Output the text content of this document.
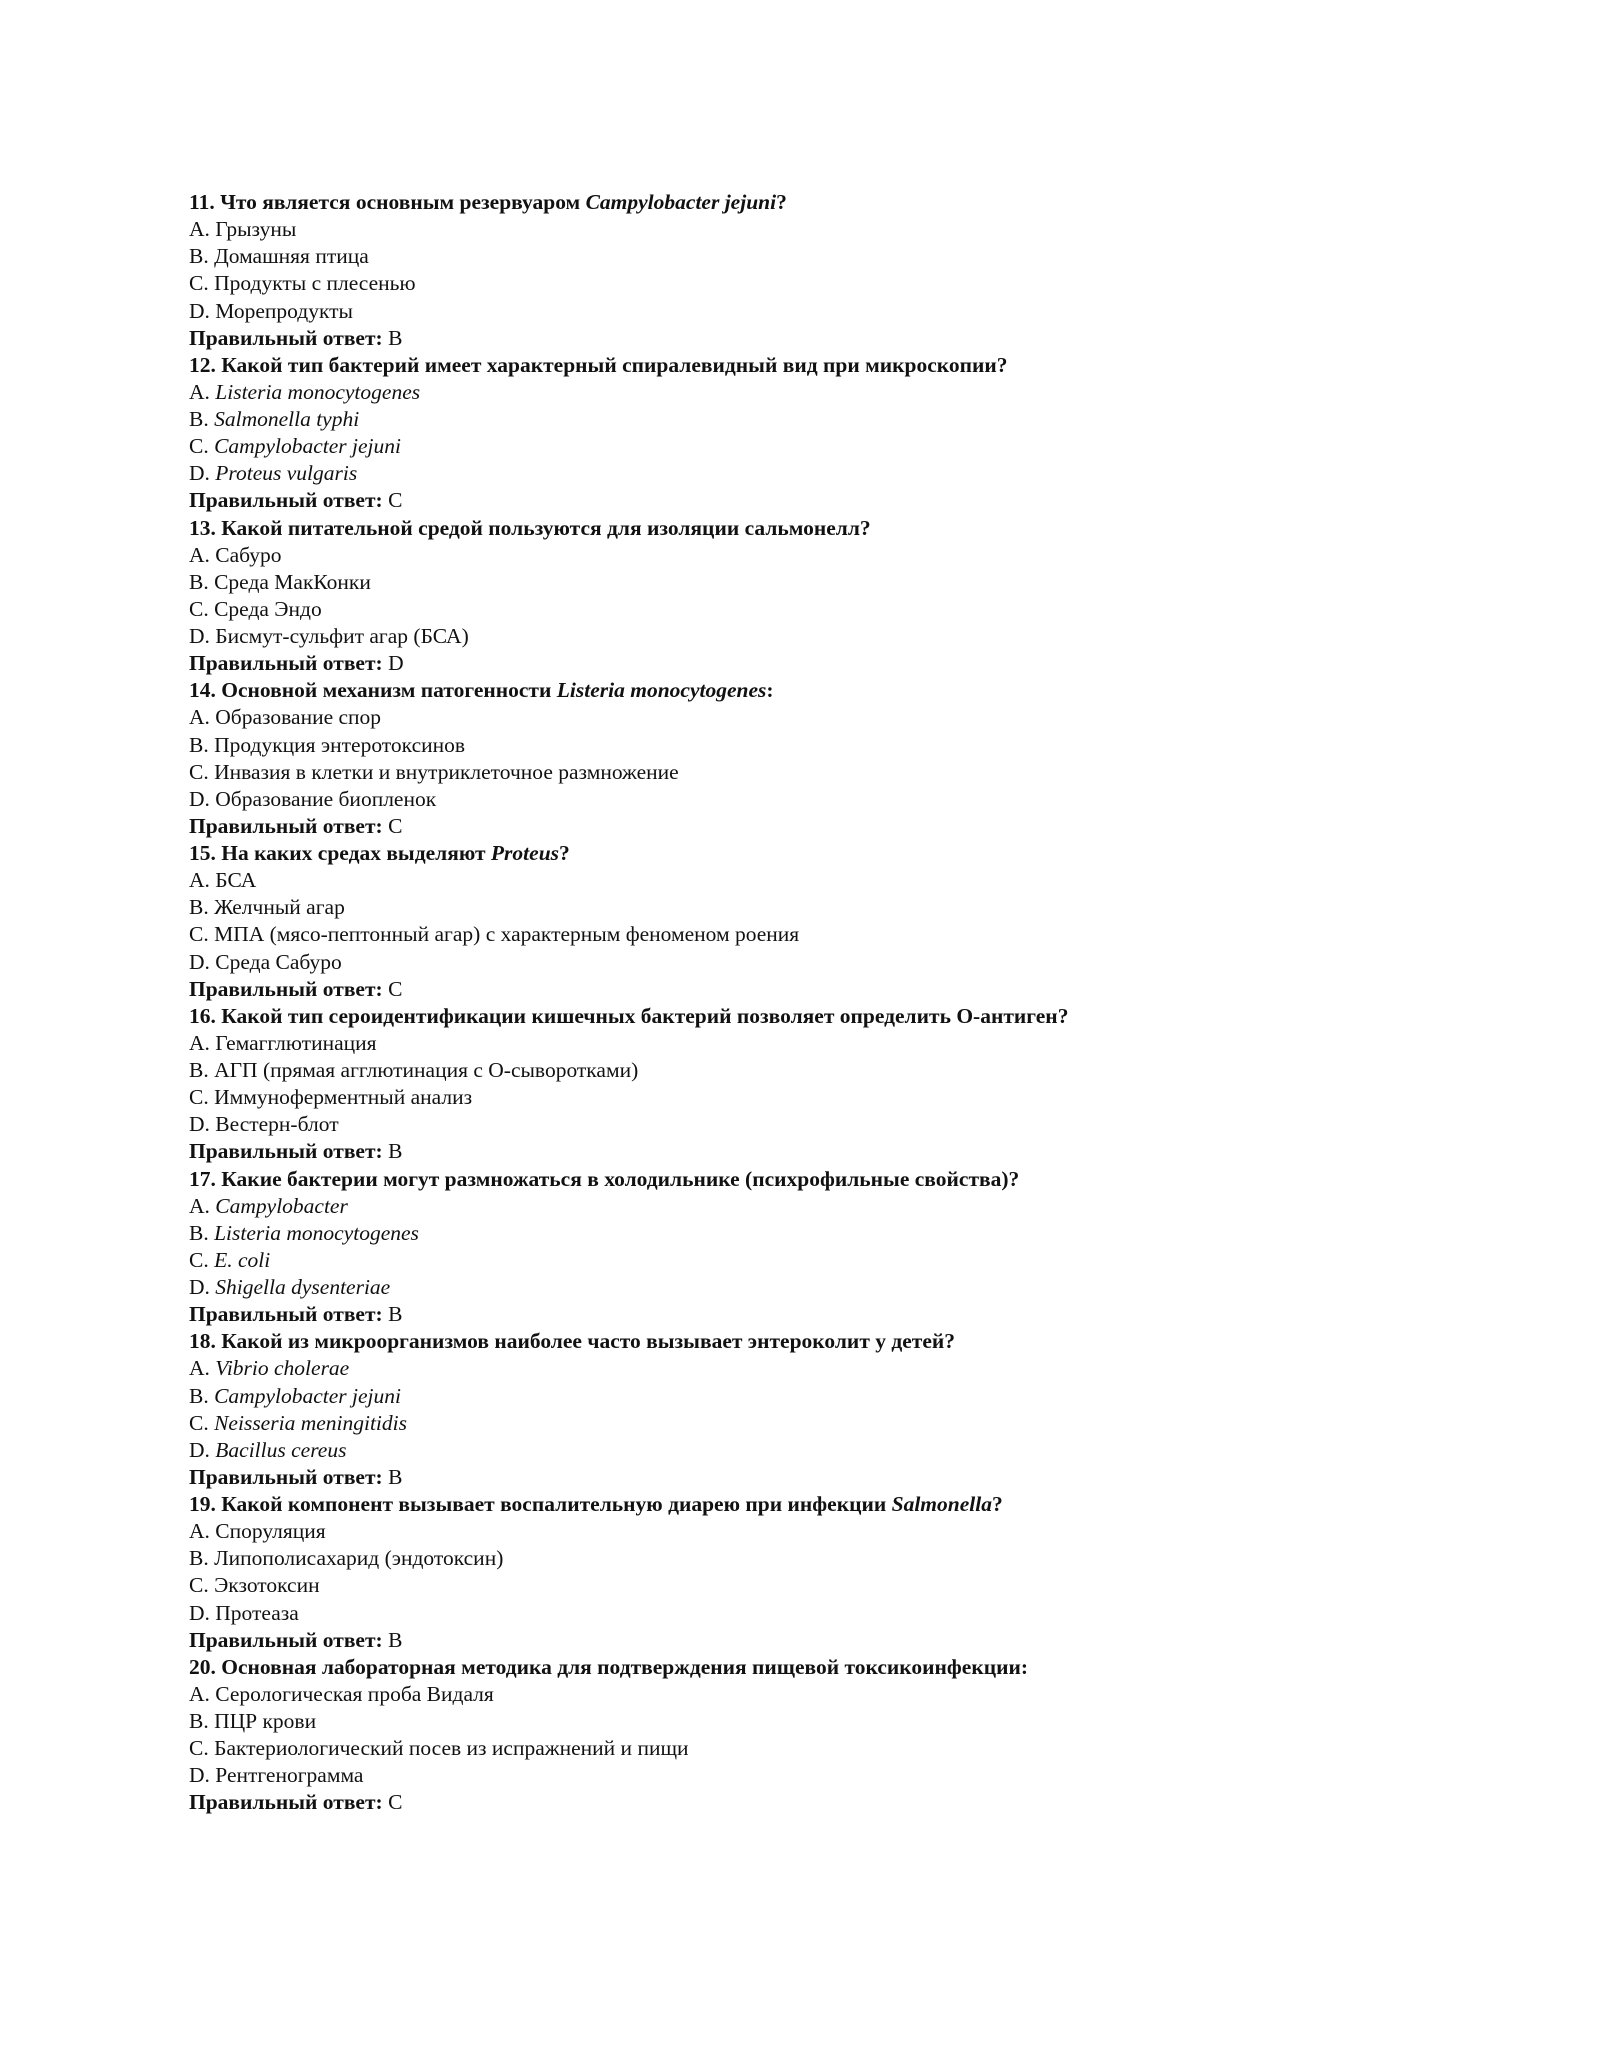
11. Что является основным резервуаром Campylobacter jejuni?
A. Грызуны
B. Домашняя птица
C. Продукты с плесенью
D. Морепродукты
Правильный ответ: B
12. Какой тип бактерий имеет характерный спиралевидный вид при микроскопии?
A. Listeria monocytogenes
B. Salmonella typhi
C. Campylobacter jejuni
D. Proteus vulgaris
Правильный ответ: C
13. Какой питательной средой пользуются для изоляции сальмонелл?
A. Сабуро
B. Среда МакКонки
C. Среда Эндо
D. Бисмут-сульфит агар (БСА)
Правильный ответ: D
14. Основной механизм патогенности Listeria monocytogenes:
A. Образование спор
B. Продукция энтеротоксинов
C. Инвазия в клетки и внутриклеточное размножение
D. Образование биопленок
Правильный ответ: C
15. На каких средах выделяют Proteus?
A. БСА
B. Желчный агар
C. МПА (мясо-пептонный агар) с характерным феноменом роения
D. Среда Сабуро
Правильный ответ: C
16. Какой тип сероидентификации кишечных бактерий позволяет определить О-антиген?
A. Гемагглютинация
B. АГП (прямая агглютинация с О-сыворотками)
C. Иммуноферментный анализ
D. Вестерн-блот
Правильный ответ: B
17. Какие бактерии могут размножаться в холодильнике (психрофильные свойства)?
A. Campylobacter
B. Listeria monocytogenes
C. E. coli
D. Shigella dysenteriae
Правильный ответ: B
18. Какой из микроорганизмов наиболее часто вызывает энтероколит у детей?
A. Vibrio cholerae
B. Campylobacter jejuni
C. Neisseria meningitidis
D. Bacillus cereus
Правильный ответ: B
19. Какой компонент вызывает воспалительную диарею при инфекции Salmonella?
A. Споруляция
B. Липополисахарид (эндотоксин)
C. Экзотоксин
D. Протеаза
Правильный ответ: B
20. Основная лабораторная методика для подтверждения пищевой токсикоинфекции:
A. Серологическая проба Видаля
B. ПЦР крови
C. Бактериологический посев из испражнений и пищи
D. Рентгенограмма
Правильный ответ: C
